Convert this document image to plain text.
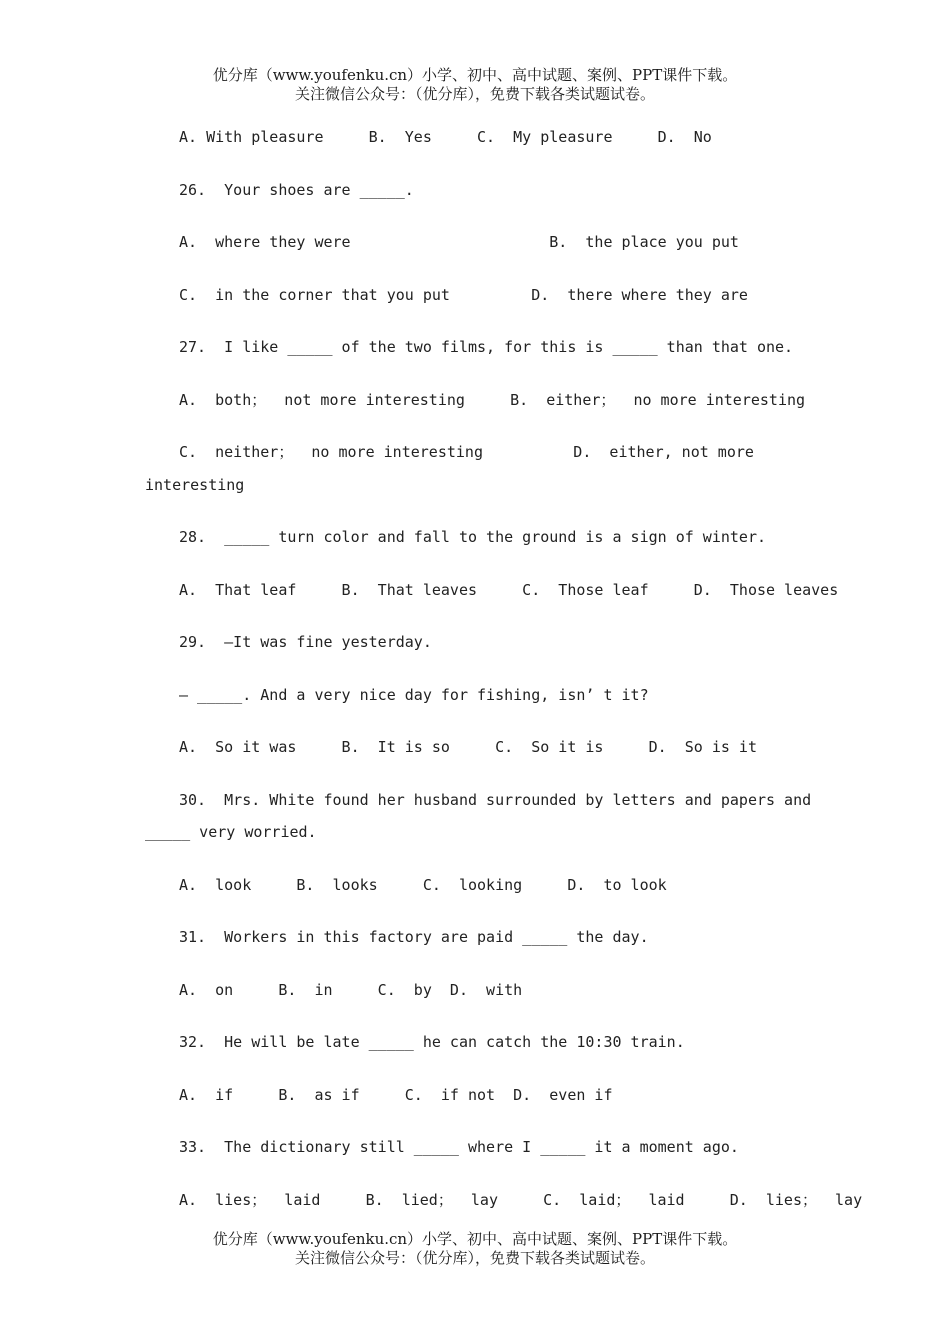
优分库（www.youfenku.cn）小学、初中、高中试题、案例、PPT课件下载。
关注微信公众号：（优分库），免费下载各类试题试卷。
A. With pleasure     B.  Yes     C.  My pleasure     D.  No
26.  Your shoes are _____.
A.  where they were                      B.  the place you put
C.  in the corner that you put         D.  there where they are
27.  I like _____ of the two films, for this is _____ than that one.
A.  both；  not more interesting     B.  either；  no more interesting
C.  neither；  no more interesting          D.  either, not more
interesting
28.  _____ turn color and fall to the ground is a sign of winter.
A.  That leaf     B.  That leaves     C.  Those leaf     D.  Those leaves
29.  —It was fine yesterday.
— _____. And a very nice day for fishing, isn’ t it?
A.  So it was     B.  It is so     C.  So it is     D.  So is it
30.  Mrs. White found her husband surrounded by letters and papers and
_____ very worried.
A.  look     B.  looks     C.  looking     D.  to look
31.  Workers in this factory are paid _____ the day.
A.  on     B.  in     C.  by  D.  with
32.  He will be late _____ he can catch the 10:30 train.
A.  if     B.  as if     C.  if not  D.  even if
33.  The dictionary still _____ where I _____ it a moment ago.
A.  lies；  laid     B.  lied；  lay     C.  laid；  laid     D.  lies；  lay
优分库（www.youfenku.cn）小学、初中、高中试题、案例、PPT课件下载。
关注微信公众号：（优分库），免费下载各类试题试卷。
